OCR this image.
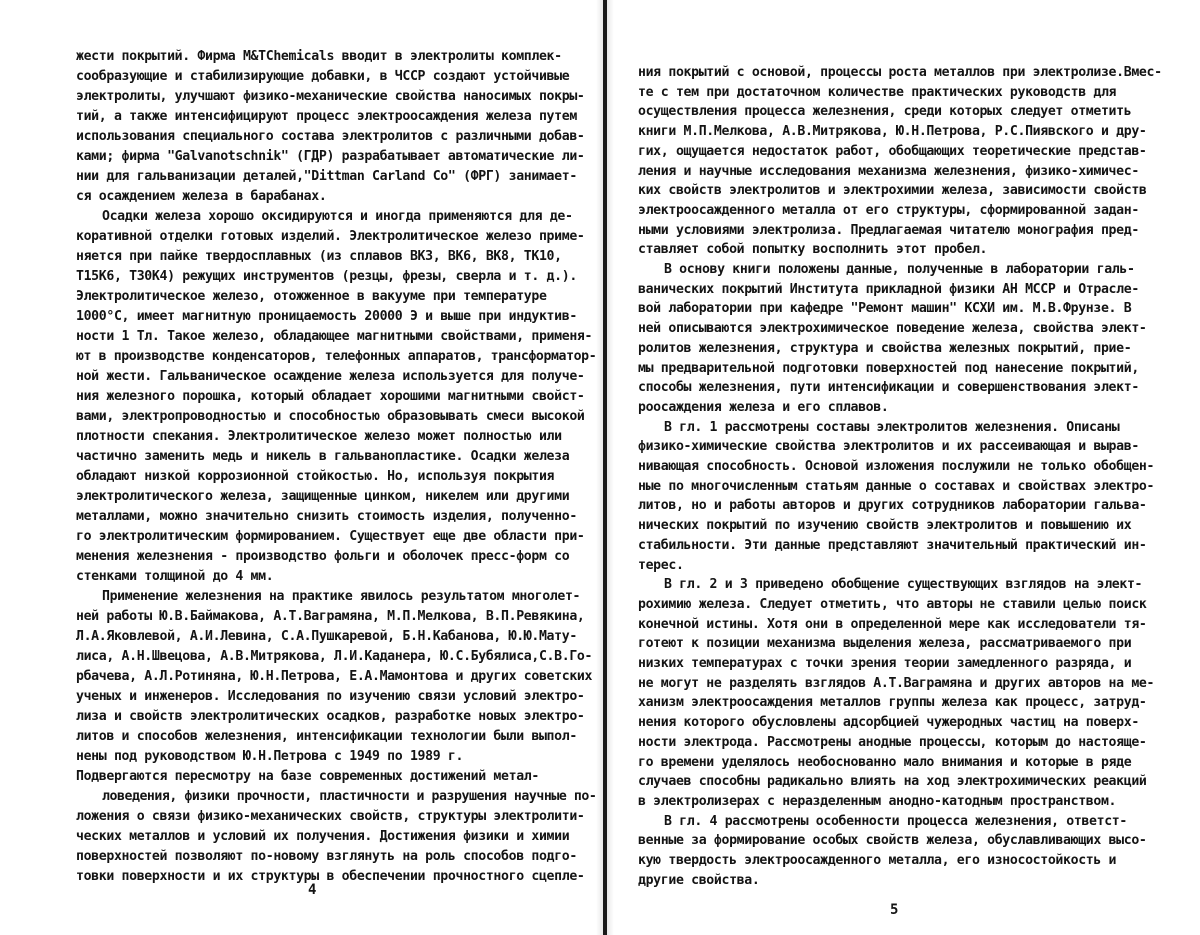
жести покрытий. Фирма M&TChemicals вводит в электролиты комплек-
сообразующие и стабилизирующие добавки, в ЧССР создают устойчивые
электролиты, улучшают физико-механические свойства наносимых покры-
тий, а также интенсифицируют процесс электроосаждения железа путем
использования специального состава электролитов с различными добав-
ками; фирма "Galvanotschnik" (ГДР) разрабатывает автоматические ли-
нии для гальванизации деталей,"Dittman Carland Co" (ФРГ) занимает-
ся осаждением железа в барабанах.
Осадки железа хорошо оксидируются и иногда применяются для де-
коративной отделки готовых изделий. Электролитическое железо приме-
няется при пайке твердосплавных (из сплавов ВК3, ВК6, ВК8, ТК10,
Т15К6, Т30К4) режущих инструментов (резцы, фрезы, сверла и т. д.).
Электролитическое железо, отожженное в вакууме при температуре
1000°С, имеет магнитную проницаемость 20000 Э и выше при индуктив-
ности 1 Тл. Такое железо, обладающее магнитными свойствами, применя-
ют в производстве конденсаторов, телефонных аппаратов, трансформатор-
ной жести. Гальваническое осаждение железа используется для получе-
ния железного порошка, который обладает хорошими магнитными свойст-
вами, электропроводностью и способностью образовывать смеси высокой
плотности спекания. Электролитическое железо может полностью или
частично заменить медь и никель в гальванопластике. Осадки железа
обладают низкой коррозионной стойкостью. Но, используя покрытия
электролитического железа, защищенные цинком, никелем или другими
металлами, можно значительно снизить стоимость изделия, полученно-
го электролитическим формированием. Существует еще две области при-
менения железнения - производство фольги и оболочек пресс-форм со
стенками толщиной до 4 мм.
Применение железнения на практике явилось результатом многолет-
ней работы Ю.В.Баймакова, А.Т.Ваграмяна, М.П.Мелкова, В.П.Ревякина,
Л.А.Яковлевой, А.И.Левина, С.А.Пушкаревой, Б.Н.Кабанова, Ю.Ю.Мату-
лиса, А.Н.Швецова, А.В.Митрякова, Л.И.Каданера, Ю.С.Бубялиса,С.В.Го-
рбачева, А.Л.Ротиняна, Ю.Н.Петрова, Е.А.Мамонтова и других советских
ученых и инженеров. Исследования по изучению связи условий электро-
лиза и свойств электролитических осадков, разработке новых электро-
литов и способов железнения, интенсификации технологии были выпол-
нены под руководством Ю.Н.Петрова с 1949 по 1989 г.
Подвергаются пересмотру на базе современных достижений метал-
ловедения, физики прочности, пластичности и разрушения научные по-
ложения о связи физико-механических свойств, структуры электролити-
ческих металлов и условий их получения. Достижения физики и химии
поверхностей позволяют по-новому взглянуть на роль способов подго-
товки поверхности и их структуры в обеспечении прочностного сцепле-
4
ния покрытий с основой, процессы роста металлов при электролизе.Вмес-
те с тем при достаточном количестве практических руководств для
осуществления процесса железнения, среди которых следует отметить
книги М.П.Мелкова, А.В.Митрякова, Ю.Н.Петрова, Р.С.Пиявского и дру-
гих, ощущается недостаток работ, обобщающих теоретические представ-
ления и научные исследования механизма железнения, физико-химичес-
ких свойств электролитов и электрохимии железа, зависимости свойств
электроосажденного металла от его структуры, сформированной задан-
ными условиями электролиза. Предлагаемая читателю монография пред-
ставляет собой попытку восполнить этот пробел.
В основу книги положены данные, полученные в лаборатории галь-
ванических покрытий Института прикладной физики АН МССР и Отрасле-
вой лаборатории при кафедре "Ремонт машин" КСХИ им. М.В.Фрунзе. В
ней описываются электрохимическое поведение железа, свойства элект-
ролитов железнения, структура и свойства железных покрытий, прие-
мы предварительной подготовки поверхностей под нанесение покрытий,
способы железнения, пути интенсификации и совершенствования элект-
роосаждения железа и его сплавов.
В гл. 1 рассмотрены составы электролитов железнения. Описаны
физико-химические свойства электролитов и их рассеивающая и вырав-
нивающая способность. Основой изложения послужили не только обобщен-
ные по многочисленным статьям данные о составах и свойствах электро-
литов, но и работы авторов и других сотрудников лаборатории гальва-
нических покрытий по изучению свойств электролитов и повышению их
стабильности. Эти данные представляют значительный практический ин-
терес.
В гл. 2 и 3 приведено обобщение существующих взглядов на элект-
рохимию железа. Следует отметить, что авторы не ставили целью поиск
конечной истины. Хотя они в определенной мере как исследователи тя-
готеют к позиции механизма выделения железа, рассматриваемого при
низких температурах с точки зрения теории замедленного разряда, и
не могут не разделять взглядов А.Т.Ваграмяна и других авторов на ме-
ханизм электроосаждения металлов группы железа как процесс, затруд-
нения которого обусловлены адсорбцией чужеродных частиц на поверх-
ности электрода. Рассмотрены анодные процессы, которым до настояще-
го времени уделялось необоснованно мало внимания и которые в ряде
случаев способны радикально влиять на ход электрохимических реакций
в электролизерах с неразделенным анодно-катодным пространством.
В гл. 4 рассмотрены особенности процесса железнения, ответст-
венные за формирование особых свойств железа, обуславливающих высо-
кую твердость электроосажденного металла, его износостойкость и
другие свойства.
5
